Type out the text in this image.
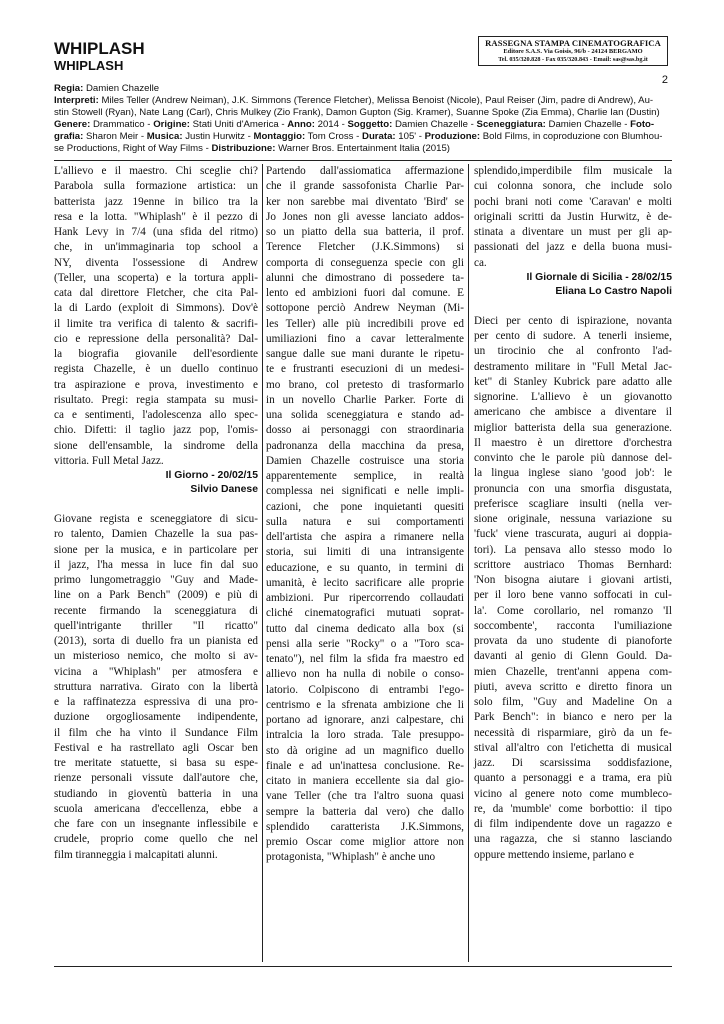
WHIPLASH
WHIPLASH
RASSEGNA STAMPA CINEMATOGRAFICA
Editore S.A.S. Via Goisis, 96/b - 24124 BERGAMO
Tel. 035/320.828 - Fax 035/320.843 - Email: sas@sas.bg.it
2

Regia: Damien Chazelle

Interpreti: Miles Teller (Andrew Neiman), J.K. Simmons (Terence Fletcher), Melissa Benoist (Nicole), Paul Reiser (Jim, padre di Andrew), Au-

stin Stowell (Ryan), Nate Lang (Carl), Chris Mulkey (Zio Frank), Damon Gupton (Sig. Kramer), Suanne Spoke (Zia Emma), Charlie Ian (Dustin)

Genere: Drammatico - Origine: Stati Uniti d'America - Anno: 2014 - Soggetto: Damien Chazelle - Sceneggiatura: Damien Chazelle - Foto-

grafia: Sharon Meir - Musica: Justin Hurwitz - Montaggio: Tom Cross - Durata: 105' - Produzione: Bold Films, in coproduzione con Blumhou-

se Productions, Right of Way Films - Distribuzione: Warner Bros. Entertainment Italia (2015)

L'allievo e il maestro. Chi sceglie chi?
Parabola sulla formazione artistica: un
batterista jazz 19enne in bilico tra la
resa e la lotta. "Whiplash" è il pezzo di
Hank Levy in 7/4 (una sfida del ritmo)
che, in un'immaginaria top school a
NY, diventa l'ossessione di Andrew
(Teller, una scoperta) e la tortura appli-
cata dal direttore Fletcher, che cita Pal-
la di Lardo (exploit di Simmons). Dov'è
il limite tra verifica di talento & sacrifi-
cio e repressione della personalità? Dal-
la biografia giovanile dell'esordiente
regista Chazelle, è un duello continuo
tra aspirazione e prova, investimento e
risultato. Pregi: regia stampata su musi-
ca e sentimenti, l'adolescenza allo spec-
chio. Difetti: il taglio jazz pop, l'omis-
sione dell'ensamble, la sindrome della
vittoria. Full Metal Jazz.
Il Giorno - 20/02/15
Silvio Danese
Giovane regista e sceneggiatore di sicu-
ro talento, Damien Chazelle la sua pas-
sione per la musica, e in particolare per
il jazz, l'ha messa in luce fin dal suo
primo lungometraggio "Guy and Made-
line on a Park Bench" (2009) e più di
recente firmando la sceneggiatura di
quell'intrigante thriller "Il ricatto"
(2013), sorta di duello fra un pianista ed
un misterioso nemico, che molto si av-
vicina a "Whiplash" per atmosfera e
struttura narrativa. Girato con la libertà
e la raffinatezza espressiva di una pro-
duzione orgogliosamente indipendente,
il film che ha vinto il Sundance Film
Festival e ha rastrellato agli Oscar ben
tre meritate statuette, si basa su espe-
rienze personali vissute dall'autore che,
studiando in gioventù batteria in una
scuola americana d'eccellenza, ebbe a
che fare con un insegnante inflessibile e
crudele, proprio come quello che nel
film tiranneggia i malcapitati alunni.
Partendo dall'assiomatica affermazione
che il grande sassofonista Charlie Par-
ker non sarebbe mai diventato 'Bird' se
Jo Jones non gli avesse lanciato addos-
so un piatto della sua batteria, il prof.
Terence Fletcher (J.K.Simmons) si
comporta di conseguenza specie con gli
alunni che dimostrano di possedere ta-
lento ed ambizioni fuori dal comune. E
sottopone perciò Andrew Neyman (Mi-
les Teller) alle più incredibili prove ed
umiliazioni fino a cavar letteralmente
sangue dalle sue mani durante le ripetu-
te e frustranti esecuzioni di un medesi-
mo brano, col pretesto di trasformarlo
in un novello Charlie Parker. Forte di
una solida sceneggiatura e stando ad-
dosso ai personaggi con straordinaria
padronanza della macchina da presa,
Damien Chazelle costruisce una storia
apparentemente semplice, in realtà
complessa nei significati e nelle impli-
cazioni, che pone inquietanti quesiti
sulla natura e sui comportamenti
dell'artista che aspira a rimanere nella
storia, sui limiti di una intransigente
educazione, e su quanto, in termini di
umanità, è lecito sacrificare alle proprie
ambizioni. Pur ripercorrendo collaudati
cliché cinematografici mutuati soprat-
tutto dal cinema dedicato alla box (si
pensi alla serie "Rocky" o a "Toro sca-
tenato"), nel film la sfida fra maestro ed
allievo non ha nulla di nobile o conso-
latorio. Colpiscono di entrambi l'ego-
centrismo e la sfrenata ambizione che li
portano ad ignorare, anzi calpestare, chi
intralcia la loro strada. Tale presuppo-
sto dà origine ad un magnifico duello
finale e ad un'inattesa conclusione. Re-
citato in maniera eccellente sia dal gio-
vane Teller (che tra l'altro suona quasi
sempre la batteria dal vero) che dallo
splendido caratterista J.K.Simmons,
premio Oscar come miglior attore non
protagonista, "Whiplash" è anche uno
splendido,imperdibile film musicale la
cui colonna sonora, che include solo
pochi brani noti come 'Caravan' e molti
originali scritti da Justin Hurwitz, è de-
stinata a diventare un must per gli ap-
passionati del jazz e della buona musi-
ca.
Il Giornale di Sicilia - 28/02/15
Eliana Lo Castro Napoli
Dieci per cento di ispirazione, novanta
per cento di sudore. A tenerli insieme,
un tirocinio che al confronto l'ad-
destramento militare in "Full Metal Jac-
ket" di Stanley Kubrick pare adatto alle
signorine. L'allievo è un giovanotto
americano che ambisce a diventare il
miglior batterista della sua generazione.
Il maestro è un direttore d'orchestra
convinto che le parole più dannose del-
la lingua inglese siano 'good job': le
pronuncia con una smorfia disgustata,
preferisce scagliare insulti (nella ver-
sione originale, nessuna variazione su
'fuck' viene trascurata, auguri ai doppia-
tori). La pensava allo stesso modo lo
scrittore austriaco Thomas Bernhard:
'Non bisogna aiutare i giovani artisti,
per il loro bene vanno soffocati in cul-
la'. Come corollario, nel romanzo 'Il
soccombente', racconta l'umiliazione
provata da uno studente di pianoforte
davanti al genio di Glenn Gould. Da-
mien Chazelle, trent'anni appena com-
piuti, aveva scritto e diretto finora un
solo film, "Guy and Madeline On a
Park Bench": in bianco e nero per la
necessità di risparmiare, girò da un fe-
stival all'altro con l'etichetta di musical
jazz. Di scarsissima soddisfazione,
quanto a personaggi e a trama, era più
vicino al genere noto come mumbleco-
re, da 'mumble' come borbottio: il tipo
di film indipendente dove un ragazzo e
una ragazza, che si stanno lasciando
oppure mettendo insieme, parlano e
